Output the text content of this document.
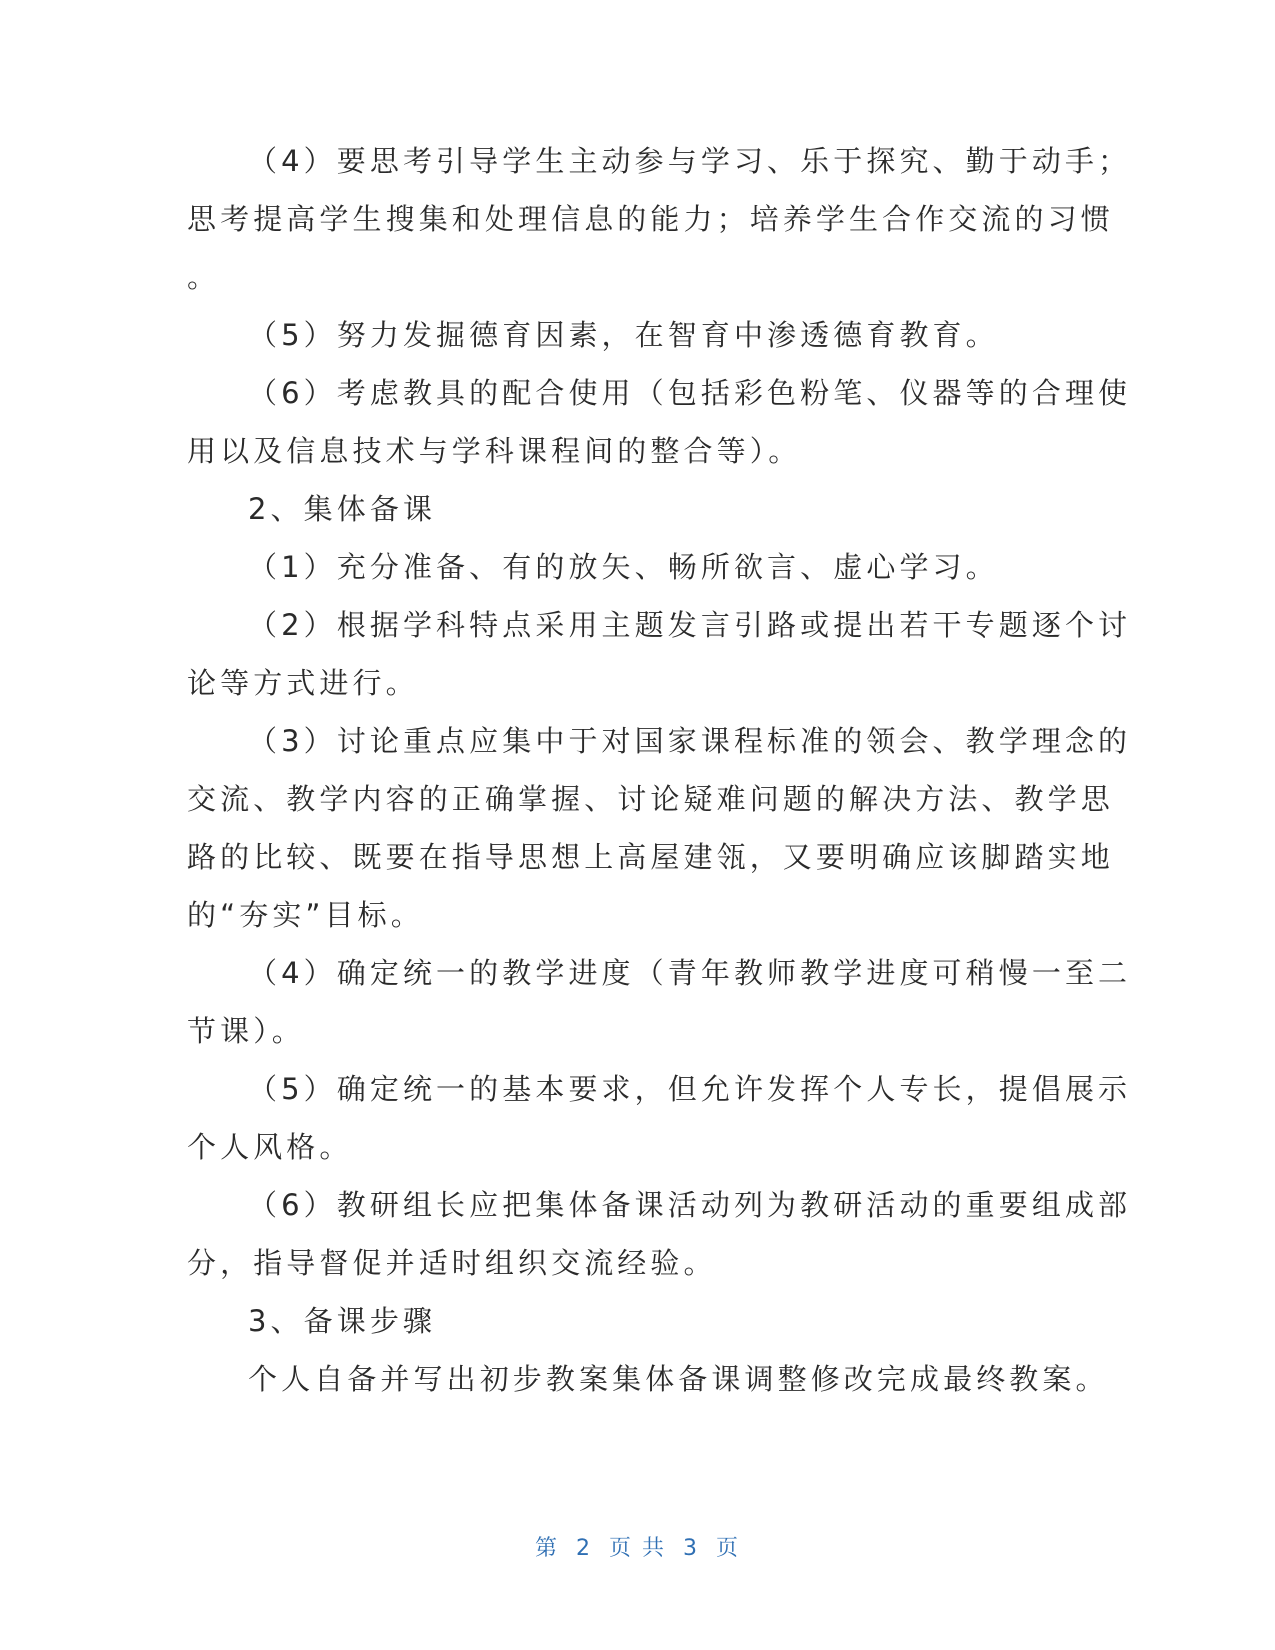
（4）要思考引导学生主动参与学习、乐于探究、勤于动手；
思考提高学生搜集和处理信息的能力；培养学生合作交流的习惯
。
（5）努力发掘德育因素，在智育中渗透德育教育。
（6）考虑教具的配合使用（包括彩色粉笔、仪器等的合理使
用以及信息技术与学科课程间的整合等）。
2、集体备课
（1）充分准备、有的放矢、畅所欲言、虚心学习。
（2）根据学科特点采用主题发言引路或提出若干专题逐个讨
论等方式进行。
（3）讨论重点应集中于对国家课程标准的领会、教学理念的
交流、教学内容的正确掌握、讨论疑难问题的解决方法、教学思
路的比较、既要在指导思想上高屋建瓴，又要明确应该脚踏实地
的“夯实”目标。
（4）确定统一的教学进度（青年教师教学进度可稍慢一至二
节课）。
（5）确定统一的基本要求，但允许发挥个人专长，提倡展示
个人风格。
（6）教研组长应把集体备课活动列为教研活动的重要组成部
分，指导督促并适时组织交流经验。
3、备课步骤
个人自备并写出初步教案集体备课调整修改完成最终教案。
第 2 页 共 3 页
